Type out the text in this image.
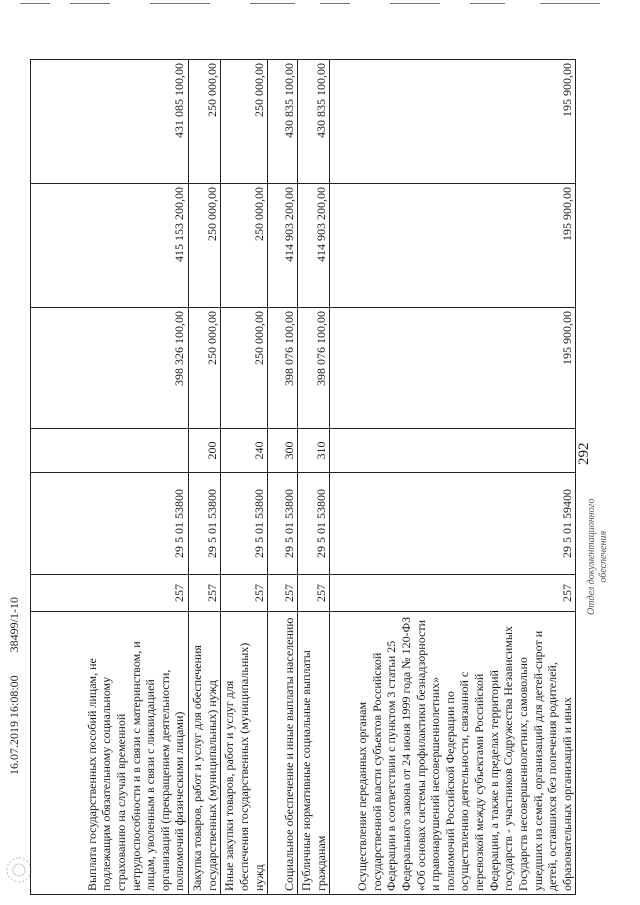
292
16.07.2019 16:08:00 38499/1-10
Отдел документационного обеспечения
Выплата государственных пособий лицам, не подлежащим обязательному социальному страхованию на случай временной нетрудоспособности и в связи с материнством, и лицам, уволенным в связи с ликвидацией организаций (прекращением деятельности, полномочий физическими лицами)	257	29 5 01 53800		398 326 100,00	415 153 200,00	431 085 100,00
Закупка товаров, работ и услуг для обеспечения государственных (муниципальных) нужд	257	29 5 01 53800	200	250 000,00	250 000,00	250 000,00
Иные закупки товаров, работ и услуг для обеспечения государственных (муниципальных) нужд	257	29 5 01 53800	240	250 000,00	250 000,00	250 000,00
Социальное обеспечение и иные выплаты населению	257	29 5 01 53800	300	398 076 100,00	414 903 200,00	430 835 100,00
Публичные нормативные социальные выплаты гражданам	257	29 5 01 53800	310	398 076 100,00	414 903 200,00	430 835 100,00
Осуществление переданных органам государственной власти субъектов Российской Федерации в соответствии с пунктом 3 статьи 25 Федерального закона от 24 июня 1999 года № 120-ФЗ «Об основах системы профилактики безнадзорности и правонарушений несовершеннолетних» полномочий Российской Федерации по осуществлению деятельности, связанной с перевозкой между субъектами Российской Федерации, а также в пределах территорий государств - участников Содружества Независимых Государств несовершеннолетних, самовольно ушедших из семей, организаций для детей-сирот и детей, оставшихся без попечения родителей, образовательных организаций и иных	257	29 5 01 59400		195 900,00	195 900,00	195 900,00
